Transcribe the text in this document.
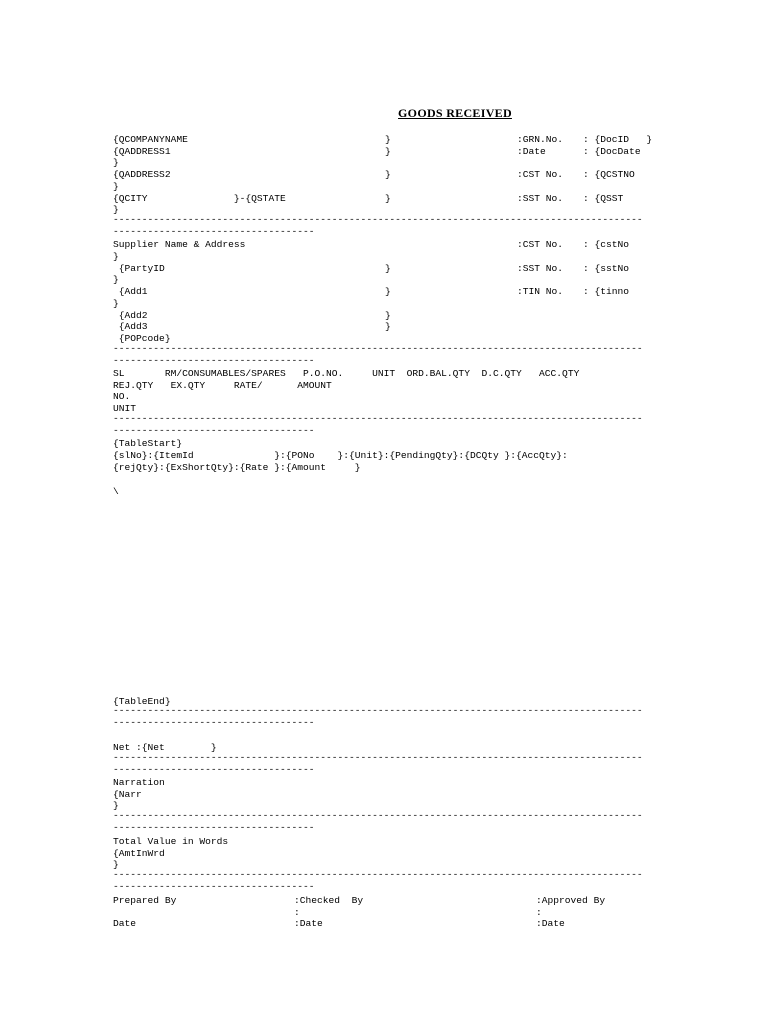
GOODS RECEIVED
{QCOMPANYNAME	}	:GRN.No. : {DocID   }
{QADDRESS1	}	:Date	: {DocDate
}
{QADDRESS2	}	:CST No. : {QCSTNO
}
{QCITY               }-{QSTATE	}	:SST No. : {QSST
}
--------------------------------------------------------------------------------------------
-----------------------------------
Supplier Name & Address	:CST No. : {cstNo
}
{PartyID	}	:SST No. : {sstNo
}
{Add1	}	:TIN No. : {tinno
}
{Add2	}
{Add3	}
{POPcode}
--------------------------------------------------------------------------------------------
-----------------------------------
SL       RM/CONSUMABLES/SPARES   P.O.NO.     UNIT  ORD.BAL.QTY  D.C.QTY   ACC.QTY
REJ.QTY   EX.QTY     RATE/      AMOUNT
NO.
UNIT
--------------------------------------------------------------------------------------------
-----------------------------------
{TableStart}
{slNo}:{ItemId              }:{PONo    }:{Unit}:{PendingQty}:{DCQty }:{AccQty}:
{rejQty}:{ExShortQty}:{Rate }:{Amount     }
\
{TableEnd}
--------------------------------------------------------------------------------------------
-----------------------------------
Net :{Net        }
--------------------------------------------------------------------------------------------
-----------------------------------
Narration
{Narr
}
--------------------------------------------------------------------------------------------
-----------------------------------
Total Value in Words
{AmtInWrd
}
--------------------------------------------------------------------------------------------
-----------------------------------
Prepared By	:Checked  By	:Approved By
:	:
Date	:Date	:Date
